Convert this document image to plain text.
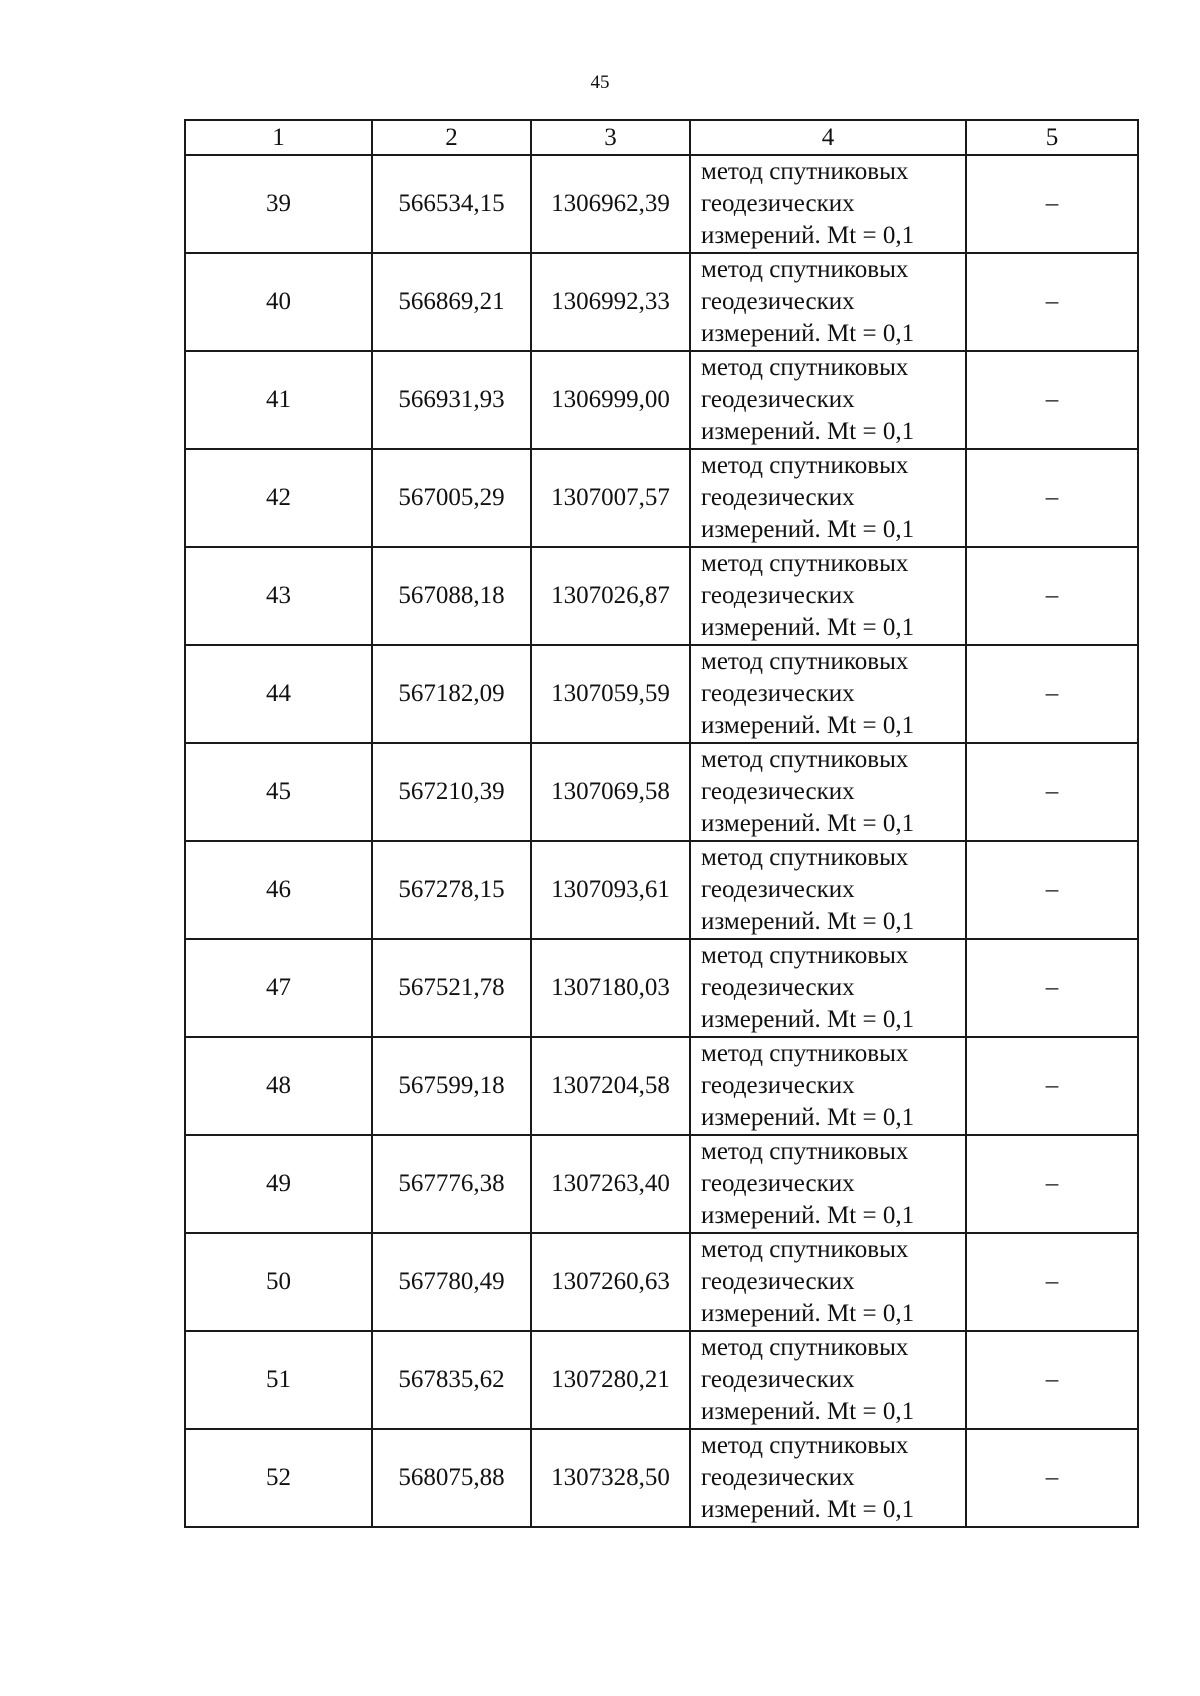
45
1	2	3	4	5
39	566534,15	1306962,39	метод спутниковых
геодезических
измерений. Mt = 0,1	–
40	566869,21	1306992,33	метод спутниковых
геодезических
измерений. Mt = 0,1	–
41	566931,93	1306999,00	метод спутниковых
геодезических
измерений. Mt = 0,1	–
42	567005,29	1307007,57	метод спутниковых
геодезических
измерений. Mt = 0,1	–
43	567088,18	1307026,87	метод спутниковых
геодезических
измерений. Mt = 0,1	–
44	567182,09	1307059,59	метод спутниковых
геодезических
измерений. Mt = 0,1	–
45	567210,39	1307069,58	метод спутниковых
геодезических
измерений. Mt = 0,1	–
46	567278,15	1307093,61	метод спутниковых
геодезических
измерений. Mt = 0,1	–
47	567521,78	1307180,03	метод спутниковых
геодезических
измерений. Mt = 0,1	–
48	567599,18	1307204,58	метод спутниковых
геодезических
измерений. Mt = 0,1	–
49	567776,38	1307263,40	метод спутниковых
геодезических
измерений. Mt = 0,1	–
50	567780,49	1307260,63	метод спутниковых
геодезических
измерений. Mt = 0,1	–
51	567835,62	1307280,21	метод спутниковых
геодезических
измерений. Mt = 0,1	–
52	568075,88	1307328,50	метод спутниковых
геодезических
измерений. Mt = 0,1	–
